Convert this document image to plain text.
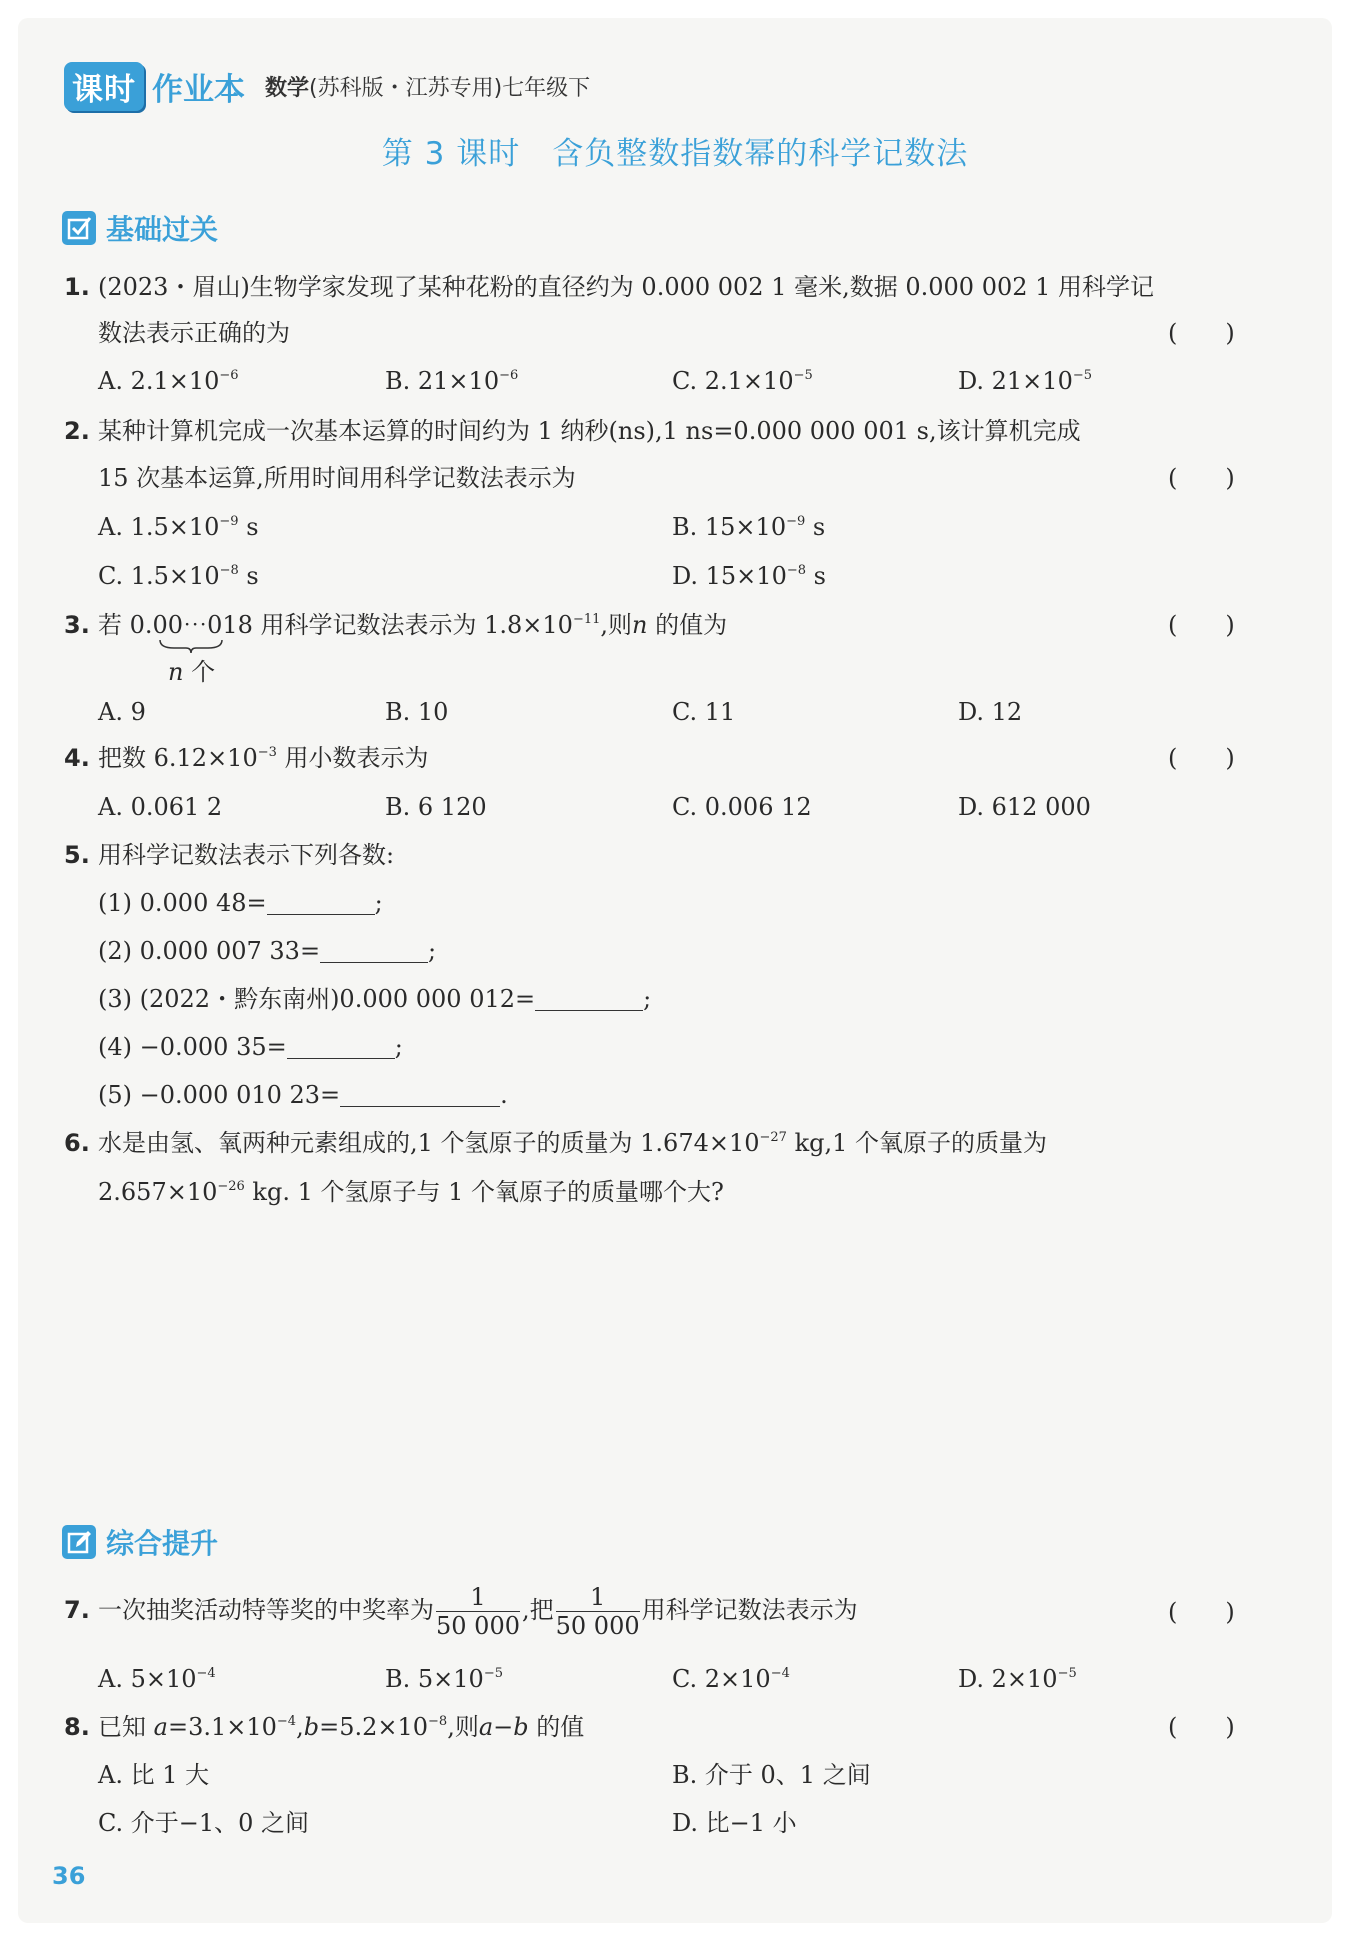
课时 作业本 数学(苏科版・江苏专用)七年级下
第 3 课时　含负整数指数幂的科学记数法
基础过关
1. (2023・眉山)生物学家发现了某种花粉的直径约为 0.000 002 1 毫米,数据 0.000 002 1 用科学记
数法表示正确的为	(　　)
A. $2.1\times 10^{-6}$	B. $21\times 10^{-6}$	C. $2.1\times 10^{-5}$	D. $21\times 10^{-5}$
2. 某种计算机完成一次基本运算的时间约为 1 纳秒(ns),1 ns=0.000 000 001 s,该计算机完成
15 次基本运算,所用时间用科学记数法表示为	(　　)
A. $1.5\times 10^{-9}$ s	B. $15\times 10^{-9}$ s
C. $1.5\times 10^{-8}$ s	D. $15\times 10^{-8}$ s
3. 若 0.00⋯018 用科学记数法表示为 $1.8\times 10^{-11}$,则n 的值为
n 个
(　　)
A. 9	B. 10	C. 11	D. 12
4. 把数 $6.12\times 10^{-3}$ 用小数表示为	(　　)
A. 0.061 2	B. 6 120	C. 0.006 12	D. 612 000
5. 用科学记数法表示下列各数:
(1) 0.000 48=	;
(2) 0.000 007 33=	;
(3) (2022・黔东南州)0.000 000 012=	;
(4) −0.000 35=	;
(5) −0.000 010 23=	.
6. 水是由氢、氧两种元素组成的,1 个氢原子的质量为 $1.674\times 10^{-27}$ kg,1 个氧原子的质量为
$2.657\times 10^{-26}$ kg. 1 个氢原子与 1 个氧原子的质量哪个大?
综合提升
7. 一次抽奖活动特等奖的中奖率为 $\frac{1}{50 000}$ ,把 $\frac{1}{50 000}$ 用科学记数法表示为	(　　)
A. $5\times 10^{-4}$	B. $5\times 10^{-5}$	C. $2\times 10^{-4}$	D. $2\times 10^{-5}$
8. 已知 $a=3.1\times 10^{-4},b=5.2\times 10^{-8}$,则a−b 的值	(　　)
A. 比 1 大	B. 介于 0、1 之间
C. 介于−1、0 之间	D. 比−1 小
36
